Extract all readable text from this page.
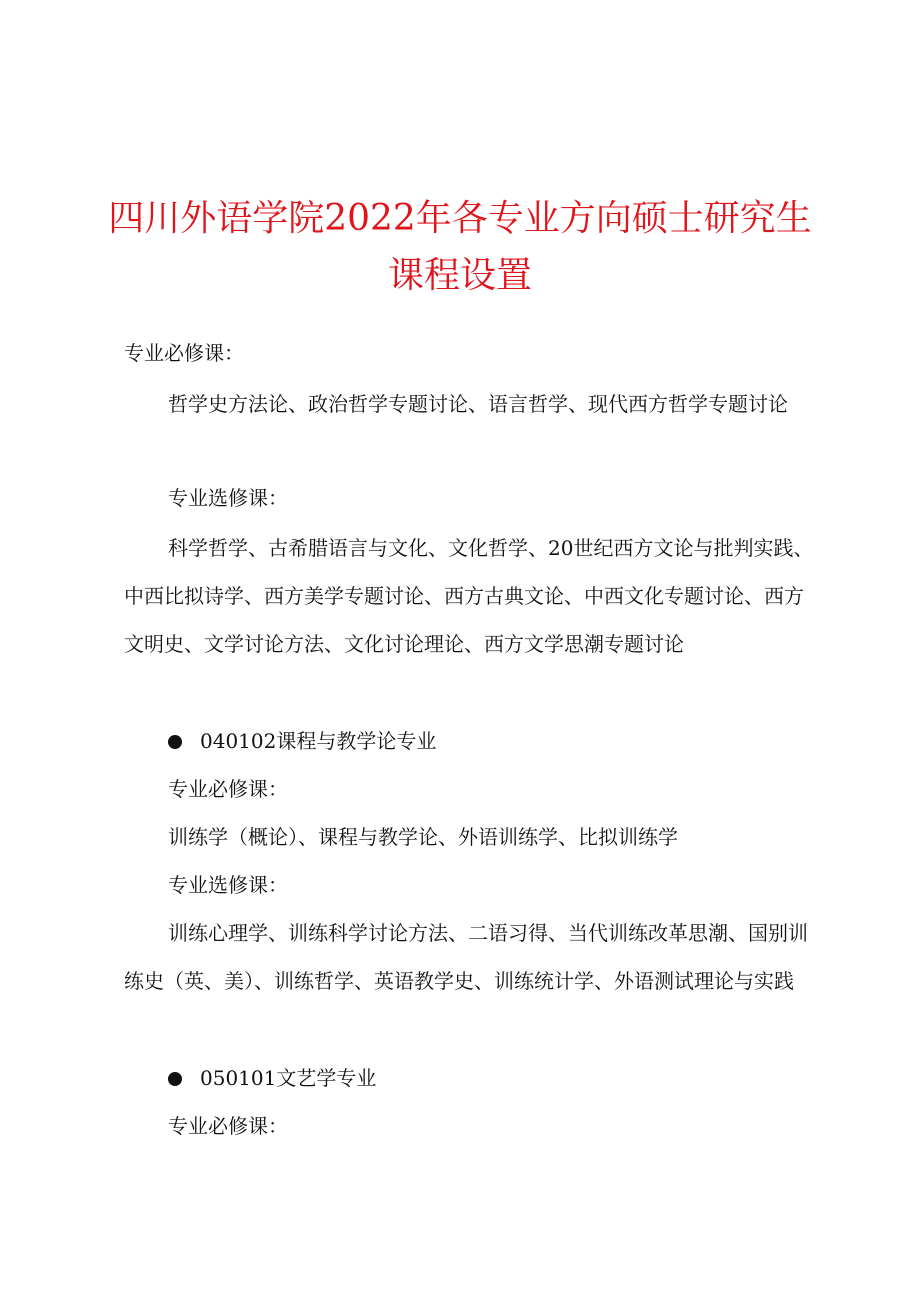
四川外语学院2022年各专业方向硕士研究生
课程设置

专业必修课：

哲学史方法论、政治哲学专题讨论、语言哲学、现代西方哲学专题讨论

专业选修课：

科学哲学、古希腊语言与文化、文化哲学、20世纪西方文论与批判实践、中西比拟诗学、西方美学专题讨论、西方古典文论、中西文化专题讨论、西方文明史、文学讨论方法、文化讨论理论、西方文学思潮专题讨论

040102课程与教学论专业

专业必修课：

训练学（概论）、课程与教学论、外语训练学、比拟训练学

专业选修课：

训练心理学、训练科学讨论方法、二语习得、当代训练改革思潮、国别训练史（英、美）、训练哲学、英语教学史、训练统计学、外语测试理论与实践

050101文艺学专业

专业必修课：
